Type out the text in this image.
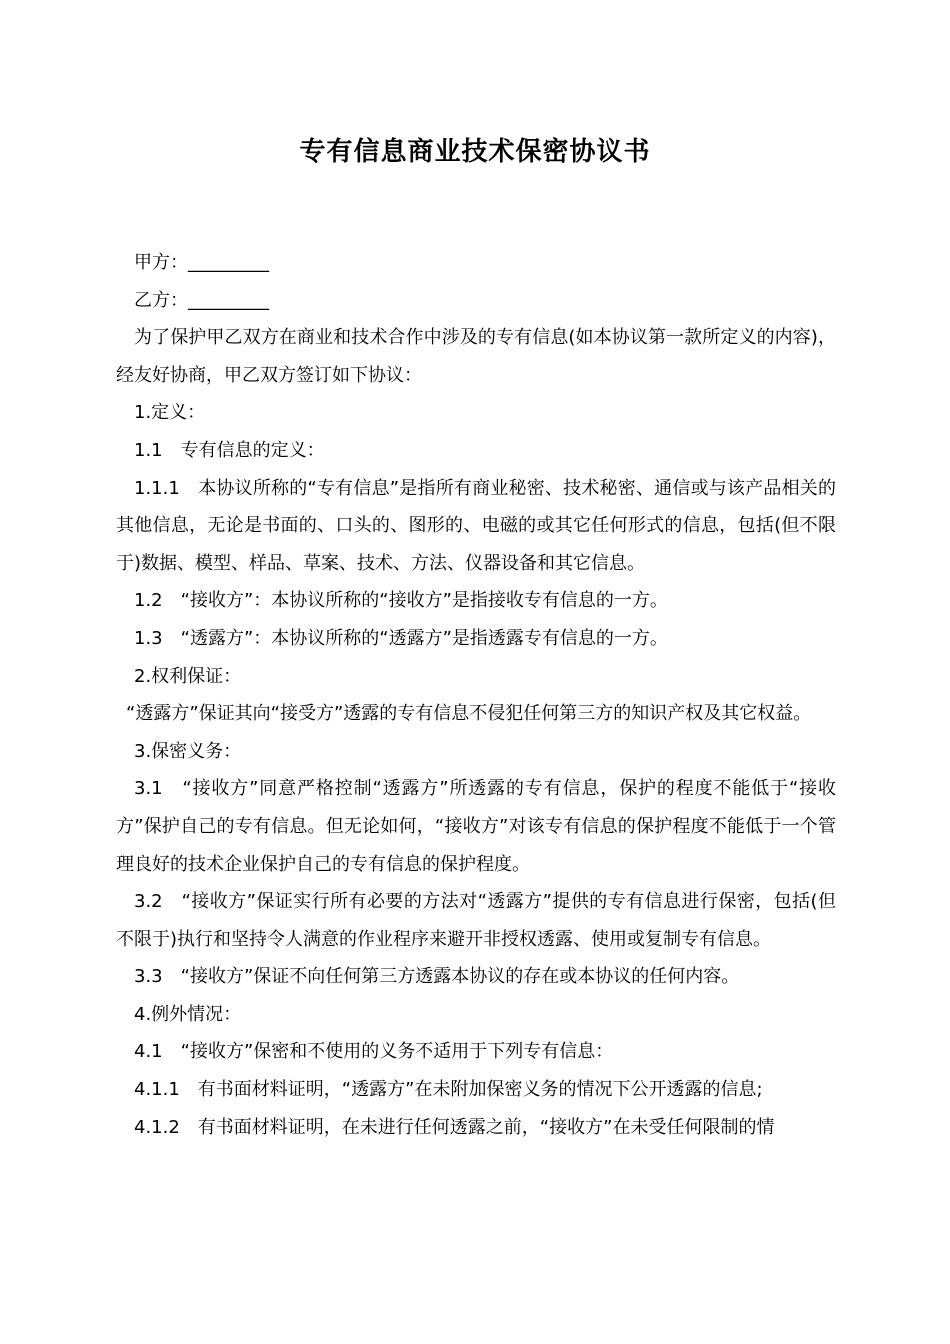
专有信息商业技术保密协议书

甲方：_________

乙方：_________

为了保护甲乙双方在商业和技术合作中涉及的专有信息(如本协议第一款所定义的内容)，经友好协商，甲乙双方签订如下协议：

1.定义：

1.1　专有信息的定义：

1.1.1　本协议所称的“专有信息”是指所有商业秘密、技术秘密、通信或与该产品相关的其他信息，无论是书面的、口头的、图形的、电磁的或其它任何形式的信息，包括(但不限于)数据、模型、样品、草案、技术、方法、仪器设备和其它信息。

1.2　“接收方”：本协议所称的“接收方”是指接收专有信息的一方。

1.3　“透露方”：本协议所称的“透露方”是指透露专有信息的一方。

2.权利保证：

“透露方”保证其向“接受方”透露的专有信息不侵犯任何第三方的知识产权及其它权益。

3.保密义务：

3.1　“接收方”同意严格控制“透露方”所透露的专有信息，保护的程度不能低于“接收方”保护自己的专有信息。但无论如何，“接收方”对该专有信息的保护程度不能低于一个管理良好的技术企业保护自己的专有信息的保护程度。

3.2　“接收方”保证实行所有必要的方法对“透露方”提供的专有信息进行保密，包括(但不限于)执行和坚持令人满意的作业程序来避开非授权透露、使用或复制专有信息。

3.3　“接收方”保证不向任何第三方透露本协议的存在或本协议的任何内容。

4.例外情况：

4.1　“接收方”保密和不使用的义务不适用于下列专有信息：

4.1.1　有书面材料证明，“透露方”在未附加保密义务的情况下公开透露的信息;

4.1.2　有书面材料证明，在未进行任何透露之前，“接收方”在未受任何限制的情
